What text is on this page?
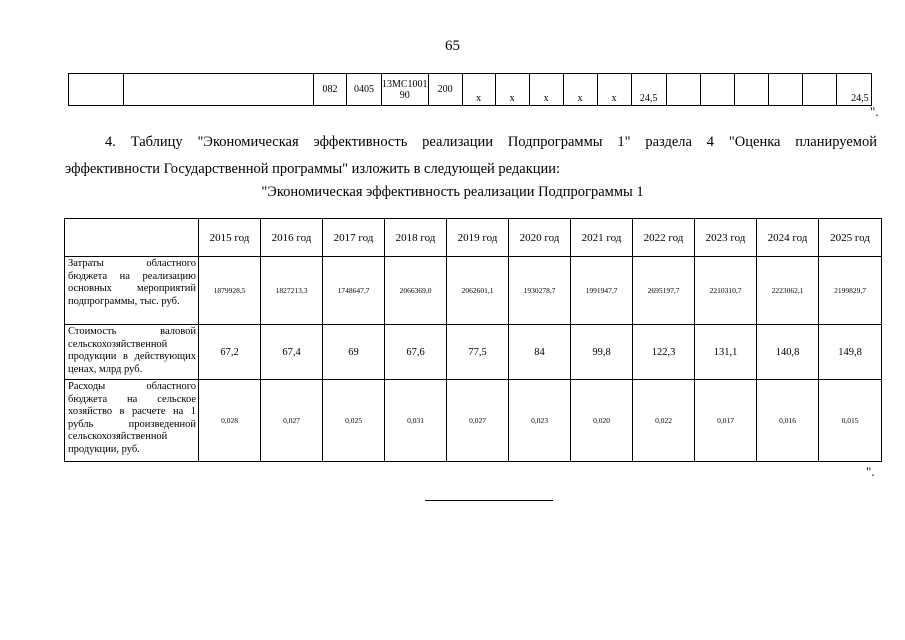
65
		082	0405	13МС1001 90	200	х	х	х	х	х	24,5						24,5
".
4. Таблицу "Экономическая эффективность реализации Подпрограммы 1" раздела 4 "Оценка планируемой
эффективности Государственной программы" изложить в следующей редакции:
"Экономическая эффективность реализации Подпрограммы 1
	2015 год	2016 год	2017 год	2018 год	2019 год	2020 год	2021 год	2022 год	2023 год	2024 год	2025 год
Затраты областного бюджета на реализацию основных мероприятий подпрограммы, тыс. руб.	1879928,5	1827213,3	1748647,7	2066369,0	2062601,1	1930278,7	1991947,7	2695197,7	2210310,7	2223062,1	2199829,7
Стоимость валовой сельскохозяйственной продукции в действующих ценах, млрд руб.	67,2	67,4	69	67,6	77,5	84	99,8	122,3	131,1	140,8	149,8
Расходы областного бюджета на сельское хозяйство в расчете на 1 рубль произведенной сельскохозяйственной продукции, руб.	0,028	0,027	0,025	0,031	0,027	0,023	0,020	0,022	0,017	0,016	0,015
".
